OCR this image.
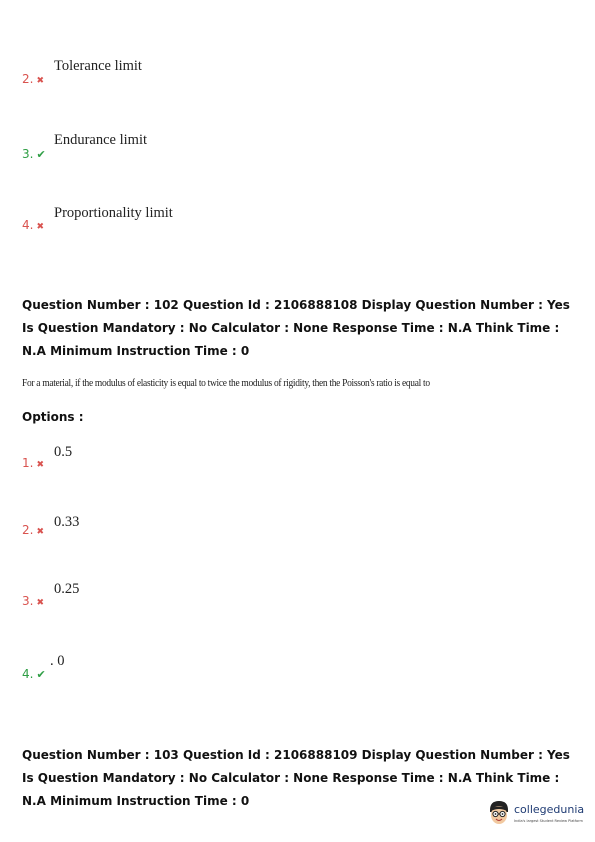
2. ✖
Tolerance limit
3. ✔
Endurance limit
4. ✖
Proportionality limit
Question Number : 102 Question Id : 2106888108 Display Question Number : Yes Is Question Mandatory : No Calculator : None Response Time : N.A Think Time : N.A Minimum Instruction Time : 0
For a material, if the modulus of elasticity is equal to twice the modulus of rigidity, then the Poisson's ratio is equal to
Options :
1. ✖
0.5
2. ✖
0.33
3. ✖
0.25
4. ✔
. 0
Question Number : 103 Question Id : 2106888109 Display Question Number : Yes Is Question Mandatory : No Calculator : None Response Time : N.A Think Time : N.A Minimum Instruction Time : 0
collegedunia
India's largest Student Review Platform
